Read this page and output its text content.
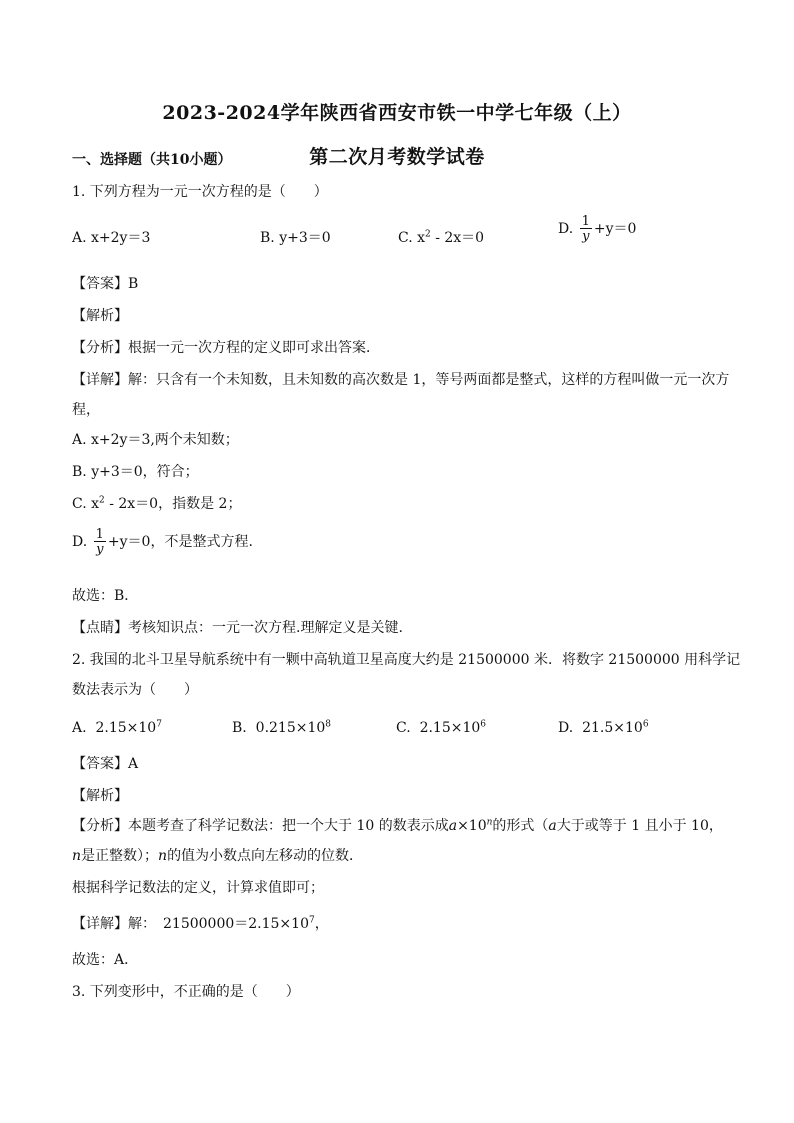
2023-2024学年陕西省西安市铁一中学七年级（上）
第二次月考数学试卷
一、选择题（共10小题）
1. 下列方程为一元一次方程的是（　　）
A. x+2y＝3	B. y+3＝0	C. $x^2 - 2x=0$
D. $\frac{1}{y} +y=0$
【答案】B
【解析】
【分析】根据一元一次方程的定义即可求出答案．
【详解】解：只含有一个未知数，且未知数的高次数是 1，等号两面都是整式，这样的方程叫做一元一次方
程，
A. x+2y＝3,两个未知数；
B. y+3＝0，符合；
C. $x^2 - 2x=0$，指数是 2；
D. $\frac{1}{y} +y=0$，不是整式方程.
故选：B．
【点睛】考核知识点：一元一次方程.理解定义是关键.
2. 我国的北斗卫星导航系统中有一颗中高轨道卫星高度大约是 21500000 米．将数字 21500000 用科学记
数法表示为（　　）
A. $2.15\times 10^7$	B. $0.215\times 10^8$	C. $2.15\times 10^6$	D. $21.5\times 10^6$
【答案】A
【解析】
【分析】本题考查了科学记数法：把一个大于 10 的数表示成$a\times 10^n$的形式（a大于或等于 1 且小于 10，
n是正整数）；n的值为小数点向左移动的位数．
根据科学记数法的定义，计算求值即可；
【详解】解：　$21500000=2.15\times 10^7$，
故选：A．
3. 下列变形中，不正确的是（　　）
